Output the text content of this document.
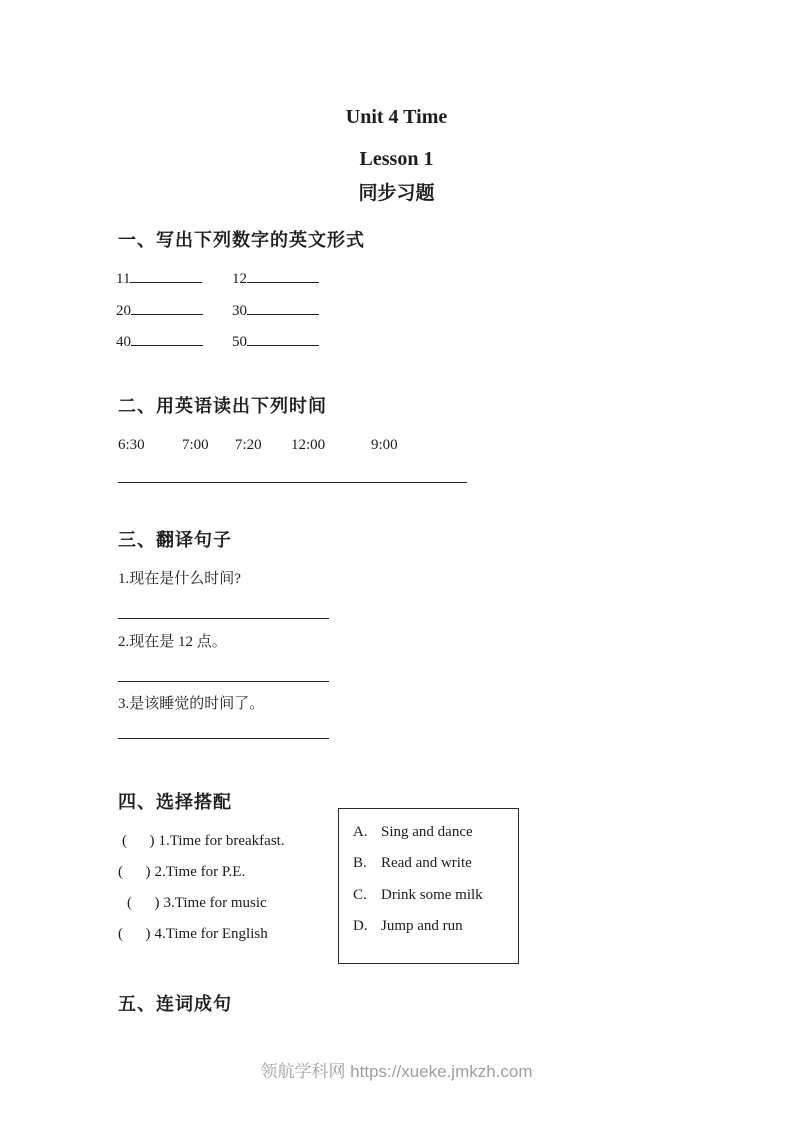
Unit 4 Time
Lesson 1
同步习题
一、写出下列数字的英文形式
11	12
20	30
40	50
二、用英语读出下列时间
6:30 7:00 7:20 12:00	9:00
三、翻译句子
1.现在是什么时间?
2.现在是 12 点。
3.是该睡觉的时间了。
四、选择搭配
(      ) 1.Time for breakfast.
(      ) 2.Time for P.E.
(      ) 3.Time for music
(      ) 4.Time for English
A. Sing and dance
B. Read and write
C. Drink some milk
D. Jump and run
五、连词成句
领航学科网 https://xueke.jmkzh.com
